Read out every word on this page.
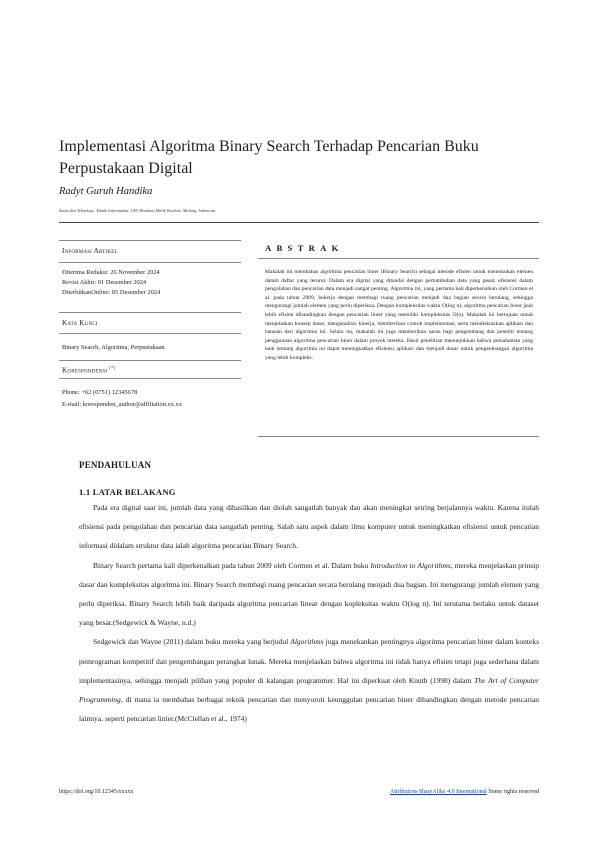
Implementasi Algoritma Binary Search Terhadap Pencarian Buku Perpustakaan Digital
Radyt Guruh Handika
Sains dan Teknologi, Teknik Informatika, UIN Maulana Malik Ibrahim, Malang, Indonesia
Informasi Artikel
Diterima Redaksi: 26 November 2024
Revisi Akhir: 01 Desember 2024
DiterbitkanOnline: 05 Desember 2024
Kata Kunci
Binary Seacrh, Algoritma, Perpustakaan
Korespondensi (*)
Phone: +62 (0751) 12345678
E-mail: koresponden_author@affiliation.xx.xx
ABSTRAK
Makalah ini membahas algoritma pencarian biner (Binary Search) sebagai metode efisien untuk menemukan elemen dalam daftar yang terurut. Dalam era digital yang ditandai dengan pertumbuhan data yang pesat, efisiensi dalam pengolahan dan pencarian data menjadi sangat penting. Algoritma ini, yang pertama kali diperkenalkan oleh Cormen et al. pada tahun 2009, bekerja dengan membagi ruang pencarian menjadi dua bagian secara berulang, sehingga mengurangi jumlah elemen yang perlu diperiksa. Dengan kompleksitas waktu O(log n), algoritma pencarian biner jauh lebih efisien dibandingkan dengan pencarian linier yang memiliki kompleksitas O(n). Makalah ini bertujuan untuk menjelaskan konsep dasar, menganalisis kinerja, memberikan contoh implementasi, serta mendiskusikan aplikasi dan batasan dari algoritma ini. Selain itu, makalah ini juga memberikan saran bagi pengembang dan peneliti tentang penggunaan algoritma pencarian biner dalam proyek mereka. Hasil penelitian menunjukkan bahwa pemahaman yang baik tentang algoritma ini dapat meningkatkan efisiensi aplikasi dan menjadi dasar untuk pengembangan algoritma yang lebih kompleks.
PENDAHULUAN
1.1 LATAR BELAKANG

Pada era digital saat ini, jumlah data yang dihasilkan dan diolah sangatlah banyak dan akan meningkat seiring berjalannya waktu. Karena itulah efisiensi pada pengolahan dan pencarian data sangatlah penting. Salah satu aspek dalam ilmu komputer untuk meningkatkan efisiensi untuk pencarian informasi didalam struktur data ialah algoritma pencarian Binary Search.

Binary Search pertama kali diperkenalkan pada tahun 2009 oleh Cormen et al. Dalam buku Introduction to Algorithms, mereka menjelaskan prinsip dasar dan kompleksitas algoritma ini. Binary Search membagi ruang pencarian secara berulang menjadi dua bagian. Ini mengurangi jumlah elemen yang perlu diperiksa. Binary Search lebih baik daripada algoritma pencarian linear dengan kopleksitas waktu O(log n). Ini terutama berlaku untuk dataset yang besar.(Sedgewick & Wayne, n.d.)

Sedgewick dan Wayne (2011) dalam buku mereka yang berjudul Algorithms juga menekankan pentingnya algoritma pencarian biner dalam konteks pemrograman kompetitif dan pengembangan perangkat lunak. Mereka menjelaskan bahwa algoritma ini tidak hanya efisien tetapi juga sederhana dalam implementasinya, sehingga menjadi pilihan yang populer di kalangan programmer. Hal ini diperkuat oleh Knuth (1998) dalam The Art of Computer Programming, di mana ia membahas berbagai teknik pencarian dan menyoroti keunggulan pencarian biner dibandingkan dengan metode pencarian lainnya, seperti pencarian linier.(McClellan et al., 1974)

https://doi.org/10.12345/xxxxx	Attribution-ShareAlike 4.0 International Some rights reserved
